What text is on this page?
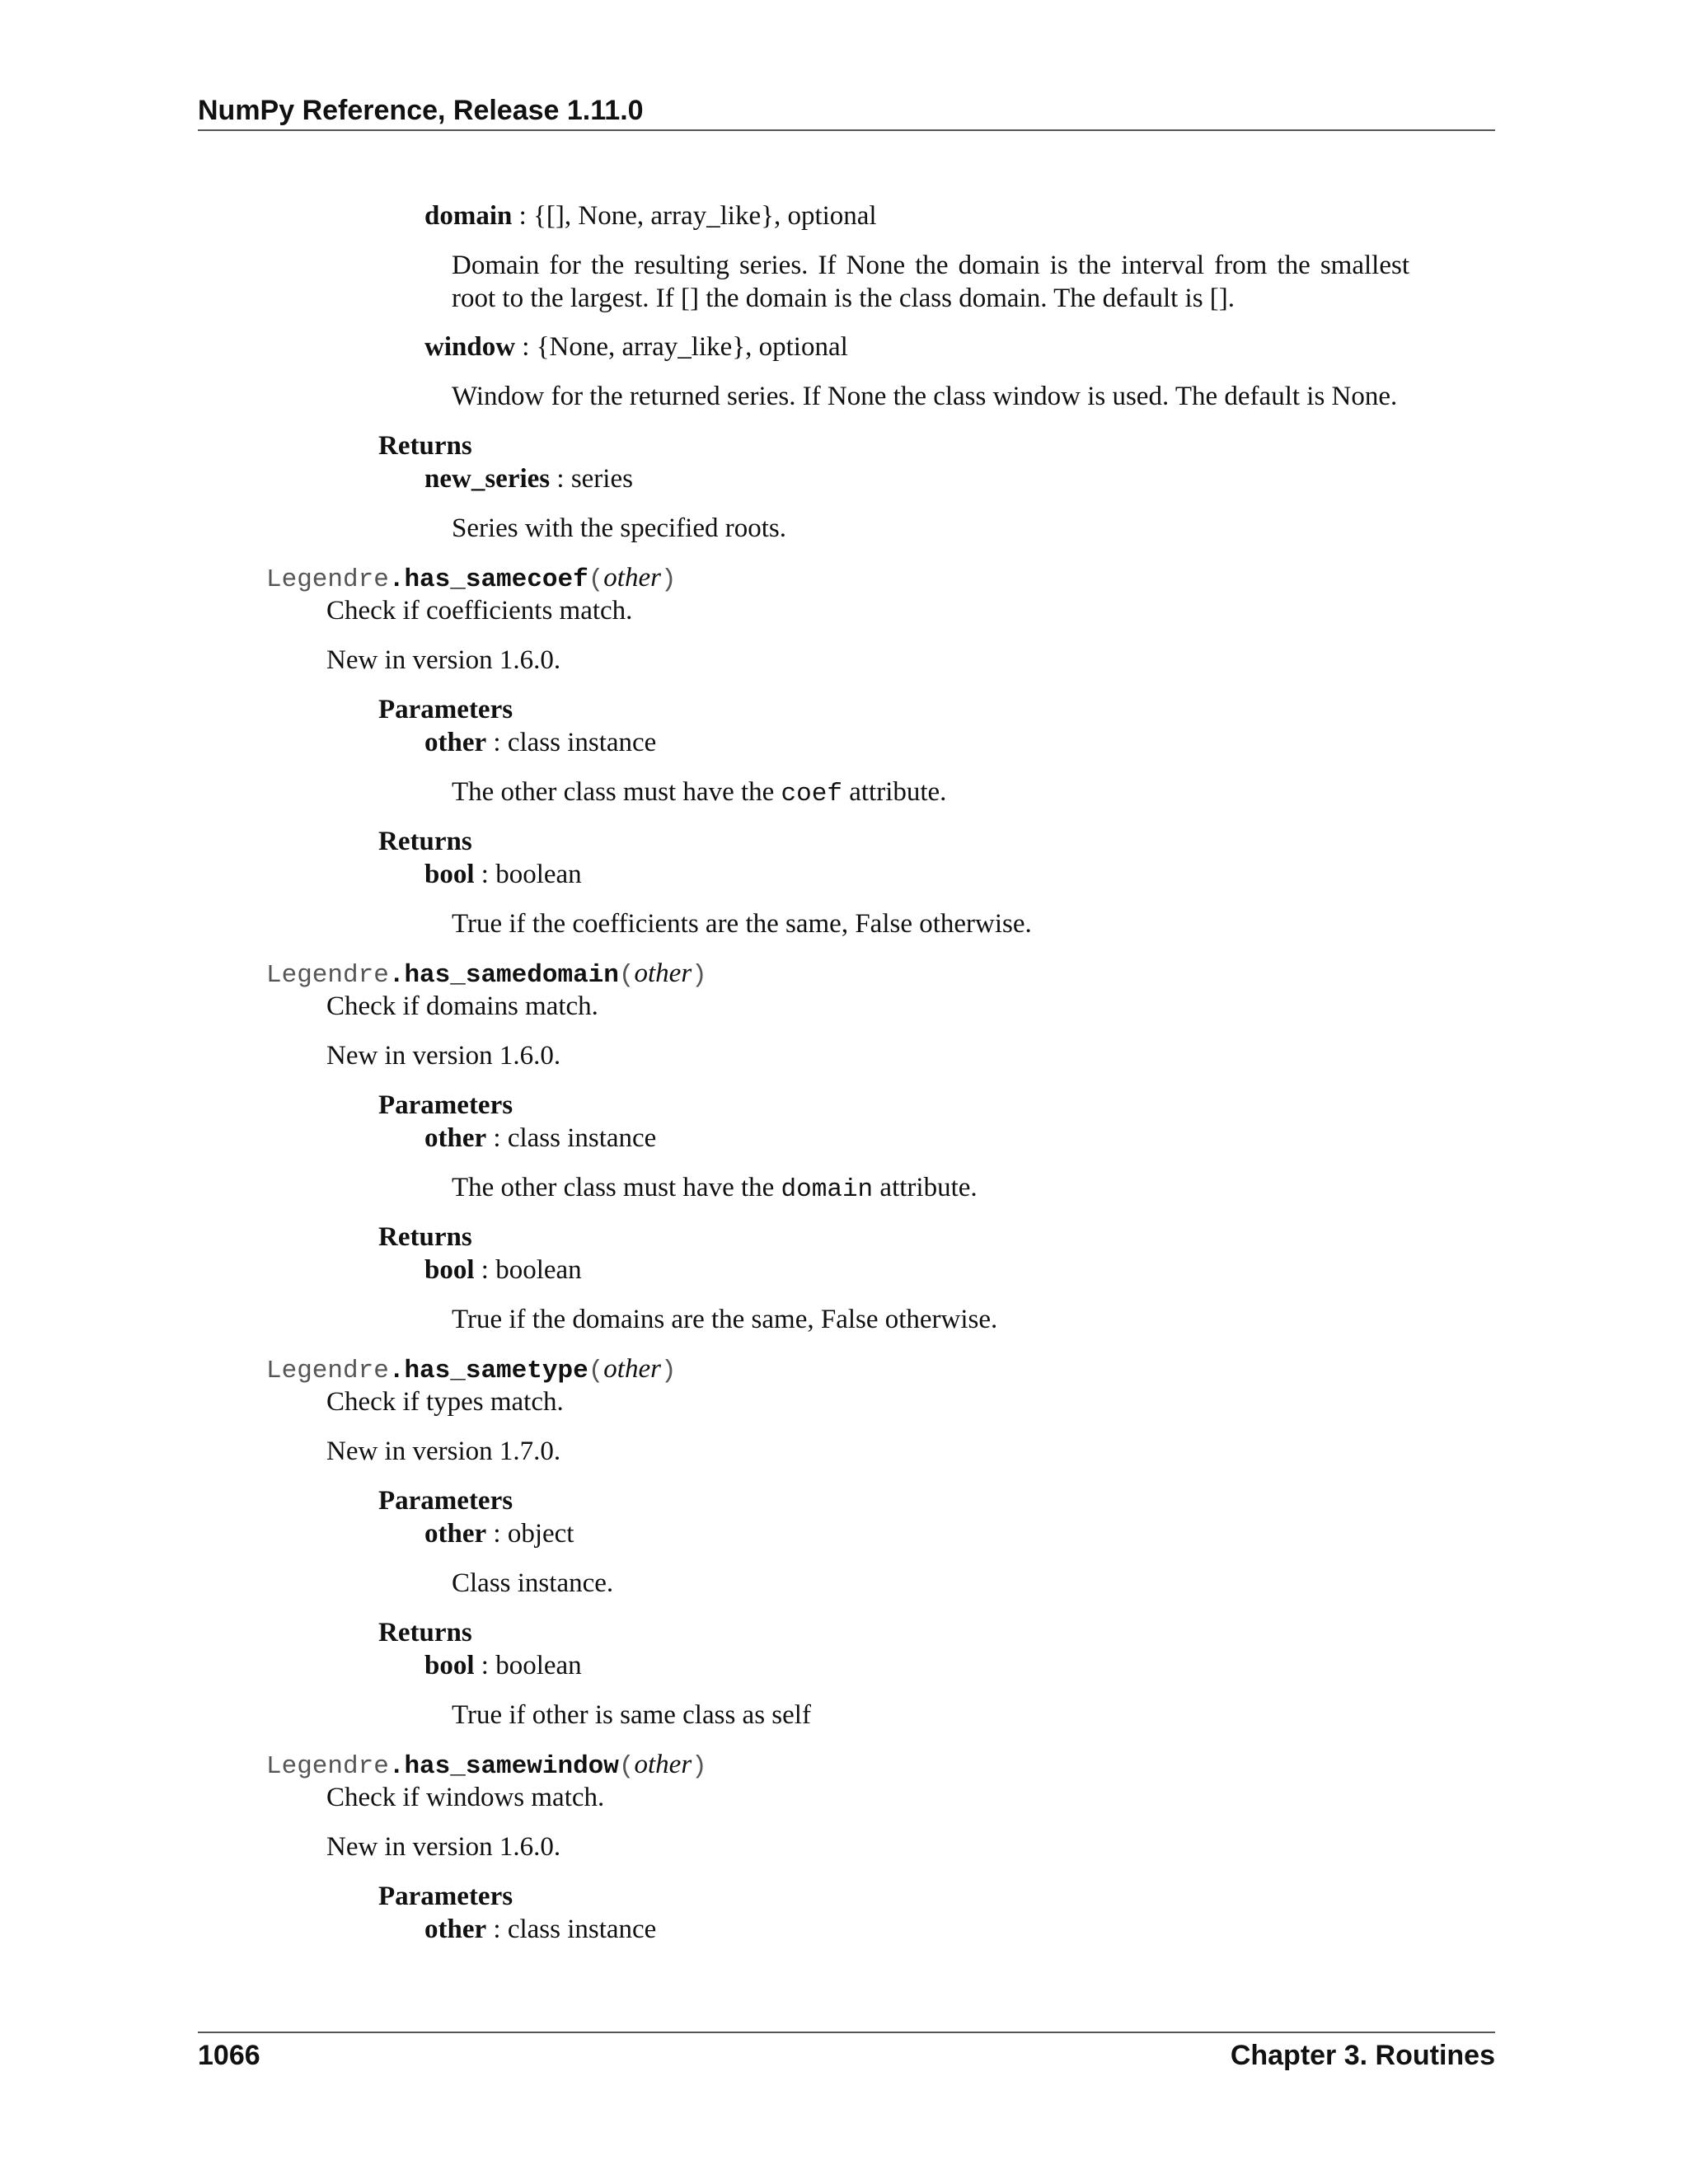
NumPy Reference, Release 1.11.0
domain : {[], None, array_like}, optional
Domain for the resulting series. If None the domain is the interval from the smallest root to the largest. If [] the domain is the class domain. The default is [].
window : {None, array_like}, optional
Window for the returned series. If None the class window is used. The default is None.
Returns
new_series : series
Series with the specified roots.
Legendre.has_samecoef(other)
Check if coefficients match.
New in version 1.6.0.
Parameters
other : class instance
The other class must have the coef attribute.
Returns
bool : boolean
True if the coefficients are the same, False otherwise.
Legendre.has_samedomain(other)
Check if domains match.
New in version 1.6.0.
Parameters
other : class instance
The other class must have the domain attribute.
Returns
bool : boolean
True if the domains are the same, False otherwise.
Legendre.has_sametype(other)
Check if types match.
New in version 1.7.0.
Parameters
other : object
Class instance.
Returns
bool : boolean
True if other is same class as self
Legendre.has_samewindow(other)
Check if windows match.
New in version 1.6.0.
Parameters
other : class instance
1066	Chapter 3. Routines
